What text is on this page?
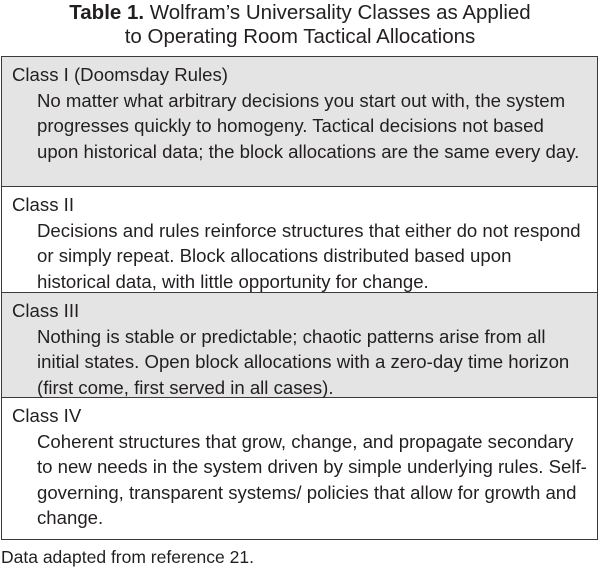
Table 1. Wolfram’s Universality Classes as Applied
to Operating Room Tactical Allocations
Class I (Doomsday Rules)
No matter what arbitrary decisions you start out with, the system progresses quickly to homogeny. Tactical decisions not based upon historical data; the block allocations are the same every day.
Class II
Decisions and rules reinforce structures that either do not respond or simply repeat. Block allocations distributed based upon historical data, with little opportunity for change.
Class III
Nothing is stable or predictable; chaotic patterns arise from all initial states. Open block allocations with a zero-day time horizon (first come, first served in all cases).
Class IV
Coherent structures that grow, change, and propagate secondary to new needs in the system driven by simple underlying rules. Self-governing, transparent systems/ policies that allow for growth and change.
Data adapted from reference 21.
